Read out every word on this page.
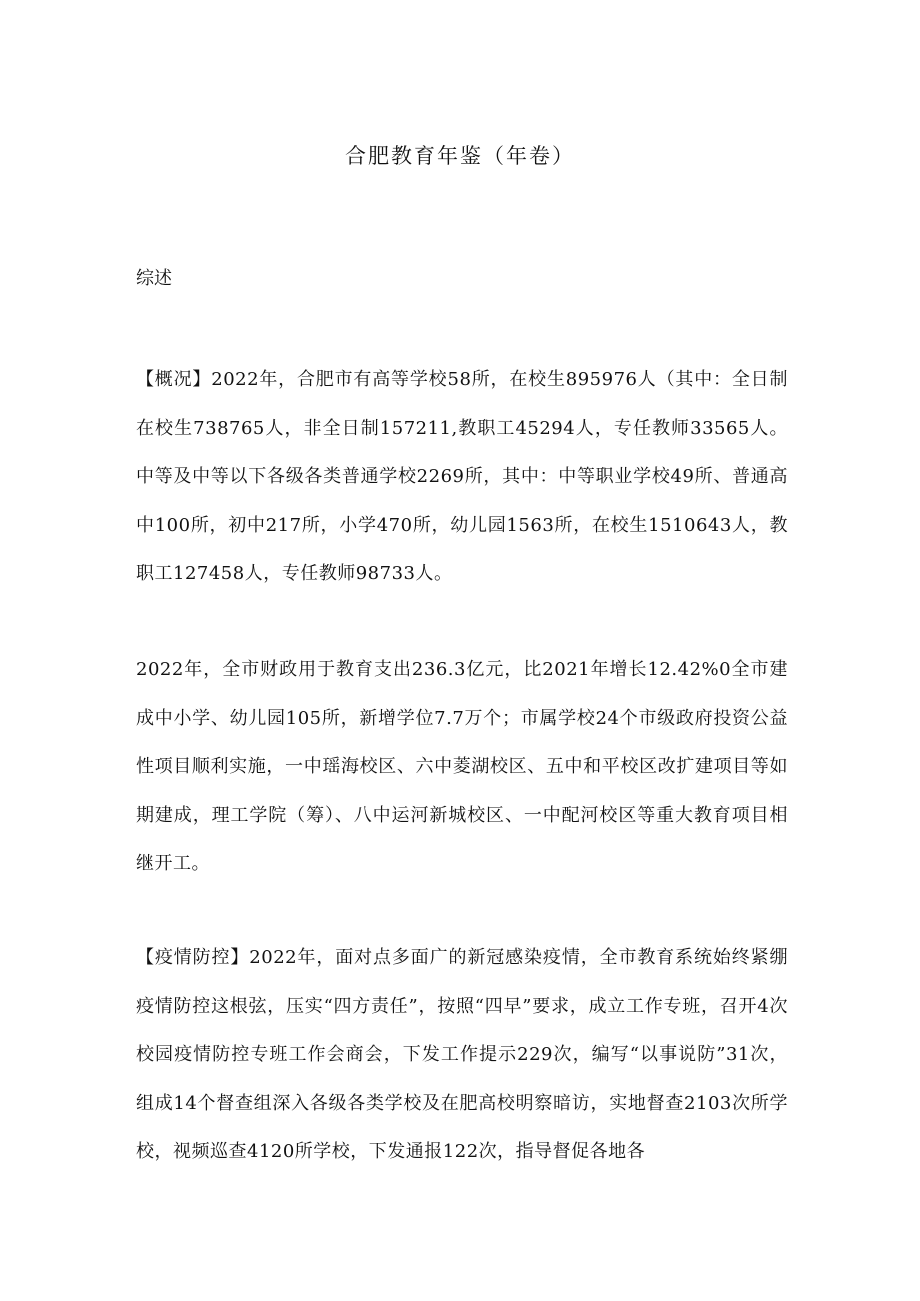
合肥教育年鉴（年卷）
综述
【概况】2022年，合肥市有高等学校58所，在校生895976人（其中：全日制在校生738765人，非全日制157211,教职工45294人，专任教师33565人。中等及中等以下各级各类普通学校2269所，其中：中等职业学校49所、普通高中100所，初中217所，小学470所，幼儿园1563所，在校生1510643人，教职工127458人，专任教师98733人。
2022年，全市财政用于教育支出236.3亿元，比2021年增长12.42%0全市建成中小学、幼儿园105所，新增学位7.7万个；市属学校24个市级政府投资公益性项目顺利实施，一中瑶海校区、六中菱湖校区、五中和平校区改扩建项目等如期建成，理工学院（筹）、八中运河新城校区、一中配河校区等重大教育项目相继开工。
【疫情防控】2022年，面对点多面广的新冠感染疫情，全市教育系统始终紧绷疫情防控这根弦，压实“四方责任”，按照“四早”要求，成立工作专班，召开4次校园疫情防控专班工作会商会，下发工作提示229次，编写“以事说防”31次，组成14个督查组深入各级各类学校及在肥高校明察暗访，实地督查2103次所学校，视频巡查4120所学校，下发通报122次，指导督促各地各
